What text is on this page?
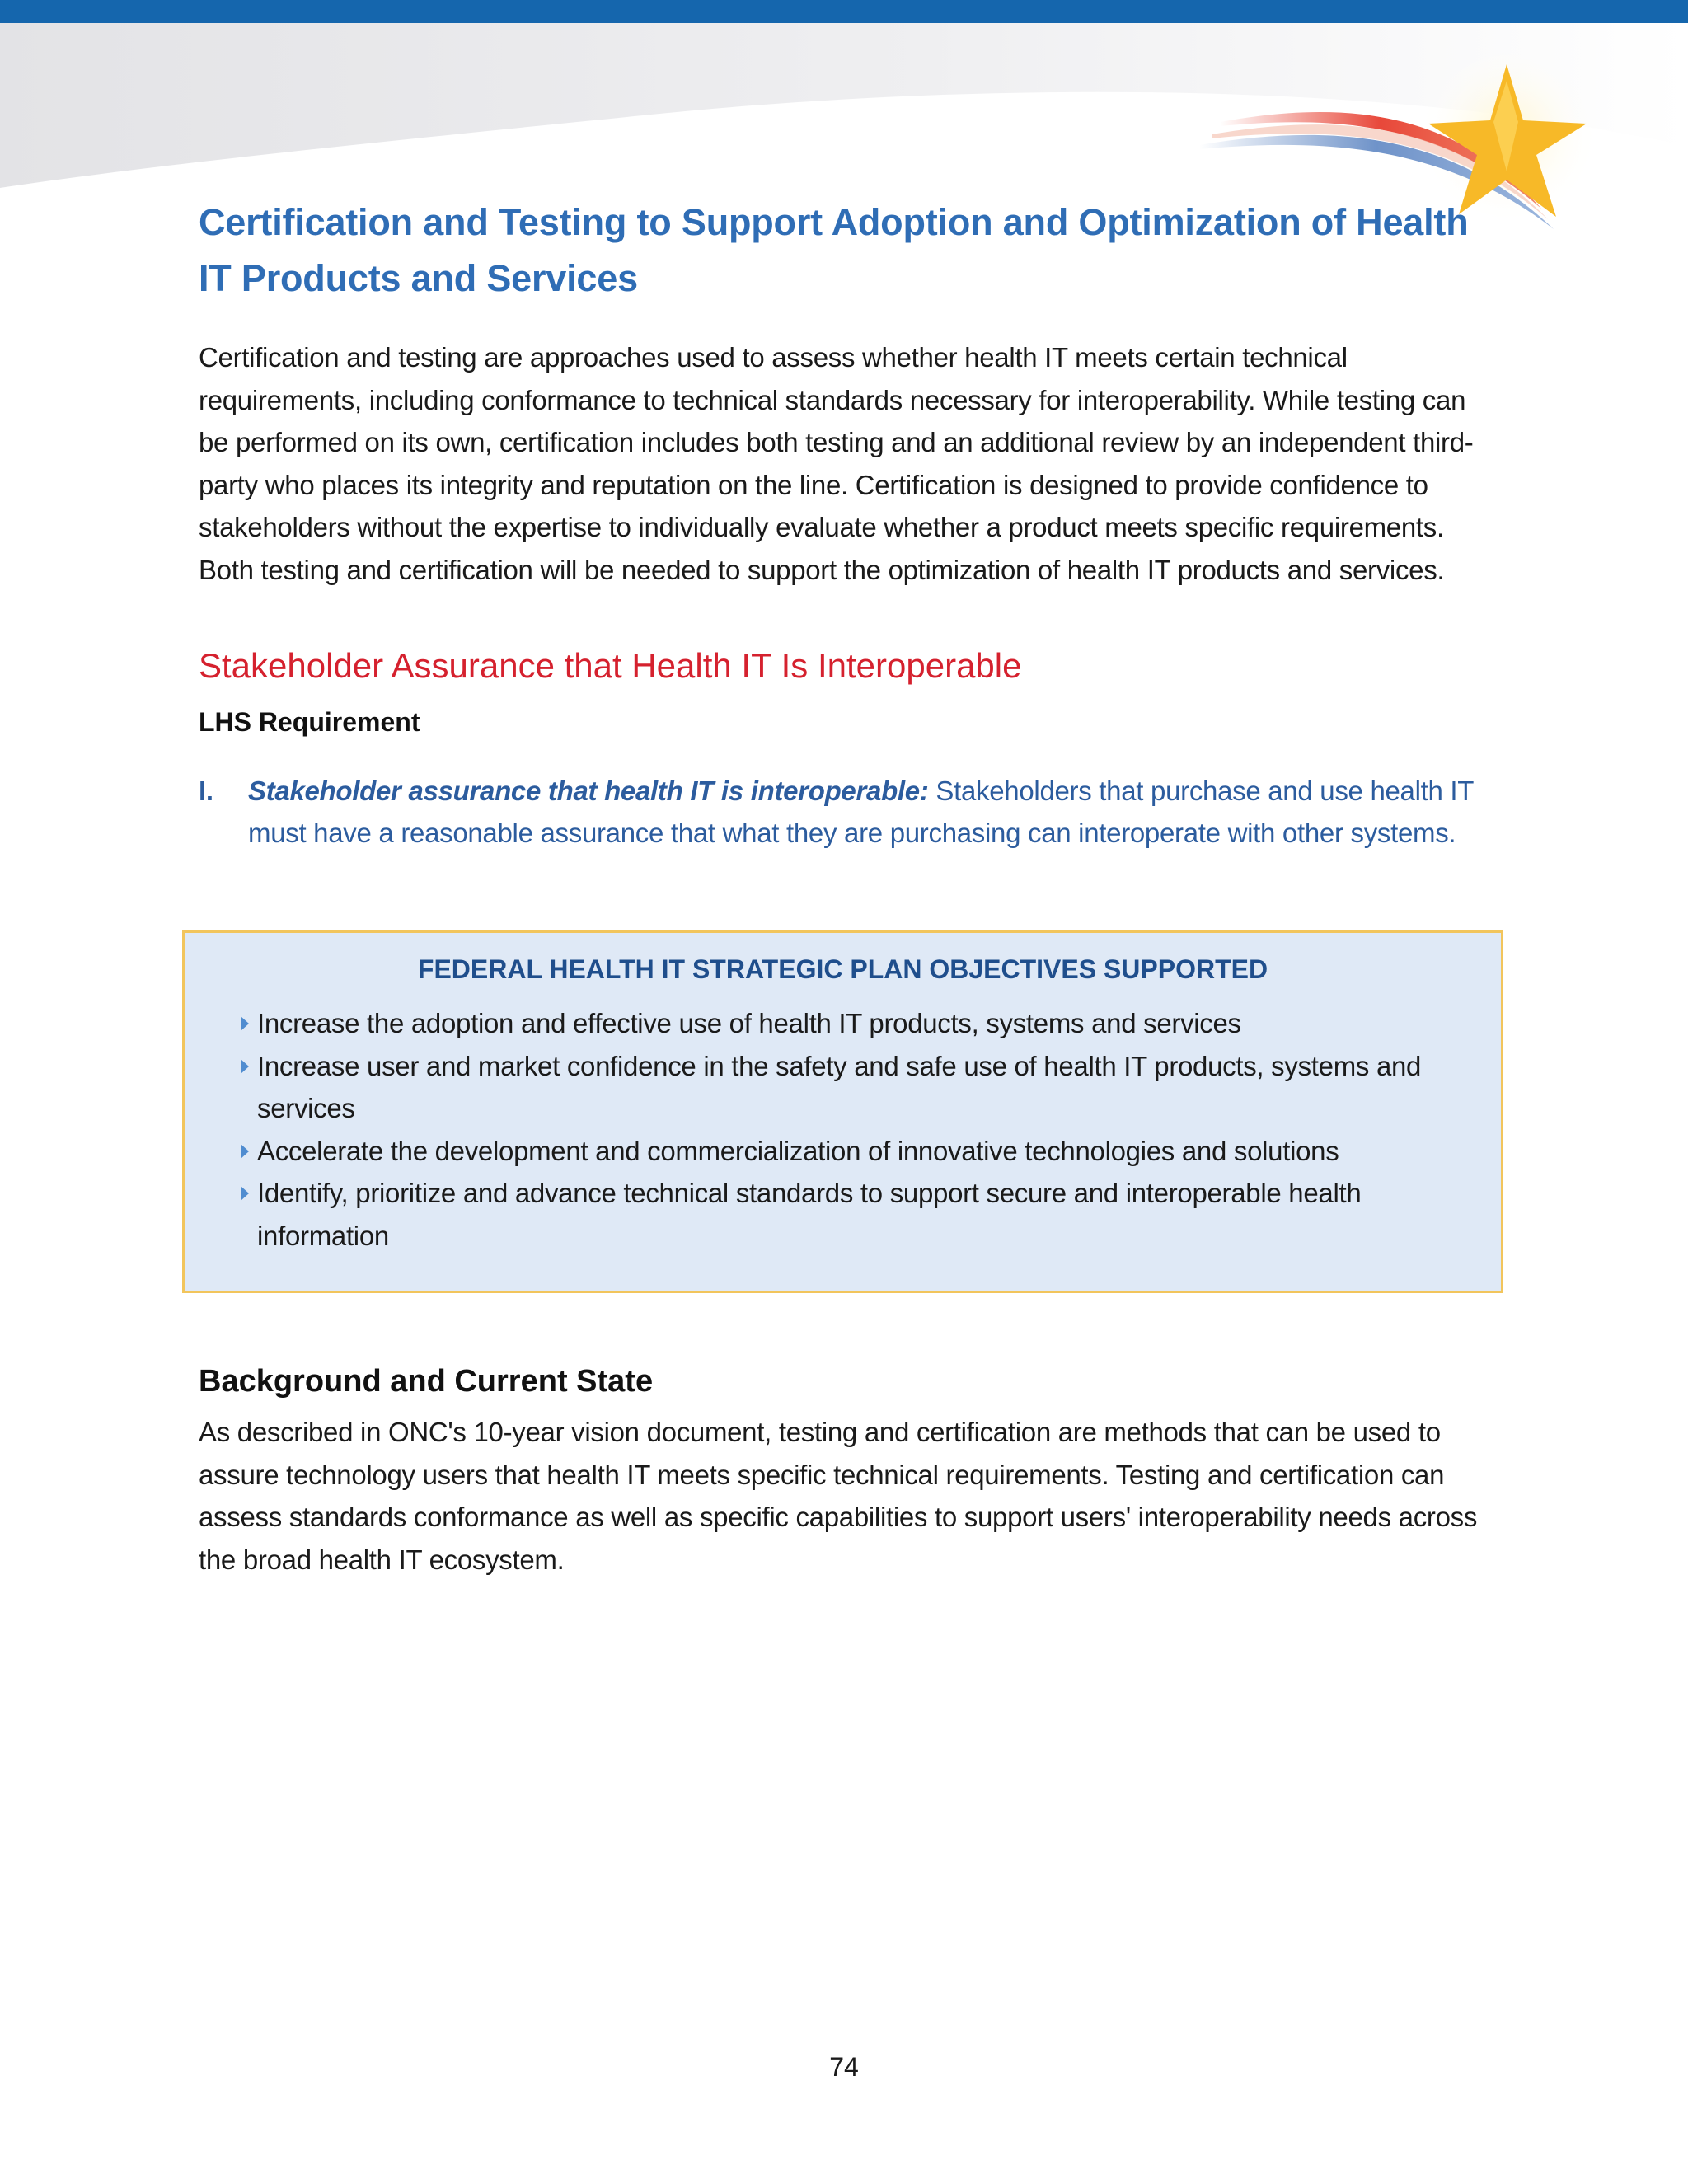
Certification and Testing to Support Adoption and Optimization of Health IT Products and Services

Certification and testing are approaches used to assess whether health IT meets certain technical requirements, including conformance to technical standards necessary for interoperability. While testing can be performed on its own, certification includes both testing and an additional review by an independent third-party who places its integrity and reputation on the line. Certification is designed to provide confidence to stakeholders without the expertise to individually evaluate whether a product meets specific requirements. Both testing and certification will be needed to support the optimization of health IT products and services.

Stakeholder Assurance that Health IT Is Interoperable
LHS Requirement
I. Stakeholder assurance that health IT is interoperable: Stakeholders that purchase and use health IT must have a reasonable assurance that what they are purchasing can interoperate with other systems.
FEDERAL HEALTH IT STRATEGIC PLAN OBJECTIVES SUPPORTED
Increase the adoption and effective use of health IT products, systems and services
Increase user and market confidence in the safety and safe use of health IT products, systems and services
Accelerate the development and commercialization of innovative technologies and solutions
Identify, prioritize and advance technical standards to support secure and interoperable health information
Background and Current State

As described in ONC's 10-year vision document, testing and certification are methods that can be used to assure technology users that health IT meets specific technical requirements. Testing and certification can assess standards conformance as well as specific capabilities to support users' interoperability needs across the broad health IT ecosystem.

74
